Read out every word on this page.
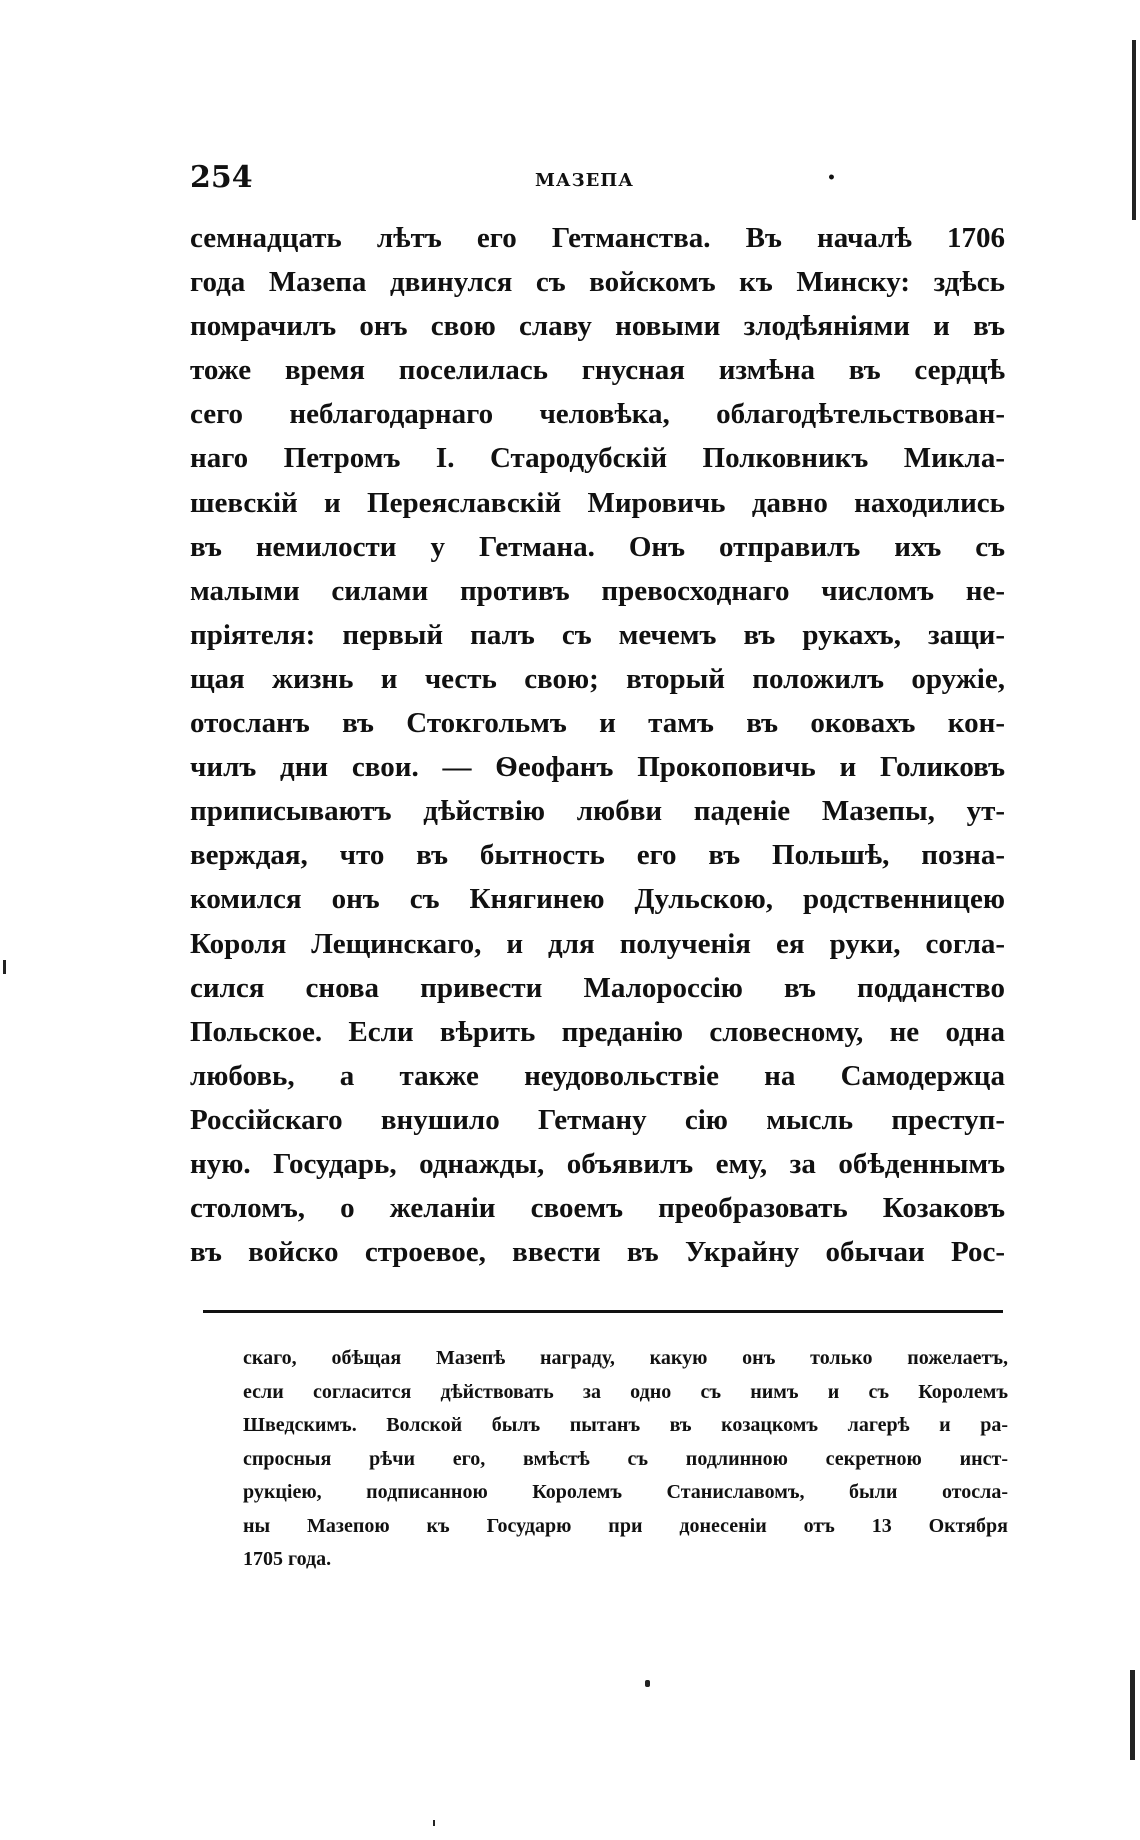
254	МАЗЕПА	•
семнадцать лѣтъ его Гетманства. Въ началѣ 1706
года Мазепа двинулся съ войскомъ къ Минску: здѣсь
помрачилъ онъ свою славу новыми злодѣяніями и въ
тоже время поселилась гнусная измѣна въ сердцѣ
сего неблагодарнаго человѣка, облагодѣтельствован-
наго Петромъ I. Стародубскій Полковникъ Микла-
шевскій и Переяславскій Мировичь давно находились
въ немилости у Гетмана. Онъ отправилъ ихъ съ
малыми силами противъ превосходнаго числомъ не-
пріятеля: первый палъ съ мечемъ въ рукахъ, защи-
щая жизнь и честь свою; вторый положилъ оружіе,
отосланъ въ Стокгольмъ и тамъ въ оковахъ кон-
чилъ дни свои. — Ѳеофанъ Прокоповичь и Голиковъ
приписываютъ дѣйствію любви паденіе Мазепы, ут-
верждая, что въ бытность его въ Польшѣ, позна-
комился онъ съ Княгинею Дульскою, родственницею
Короля Лещинскаго, и для полученія ея руки, согла-
сился снова привести Малороссію въ подданство
Польское. Если вѣрить преданію словесному, не одна
любовь, а также неудовольствіе на Самодержца
Россійскаго внушило Гетману сію мысль преступ-
ную. Государь, однажды, объявилъ ему, за обѣденнымъ
столомъ, о желаніи своемъ преобразовать Козаковъ
въ войско строевое, ввести въ Украйну обычаи Рос-
скаго, обѣщая Мазепѣ награду, какую онъ только пожелаетъ,
если согласится дѣйствовать за одно съ нимъ и съ Королемъ
Шведскимъ. Волской былъ пытанъ въ козацкомъ лагерѣ и ра-
спросныя рѣчи его, вмѣстѣ съ подлинною секретною инст-
рукціею, подписанною Королемъ Станиславомъ, были отосла-
ны Мазепою къ Государю при донесеніи отъ 13 Октября
1705 года.
